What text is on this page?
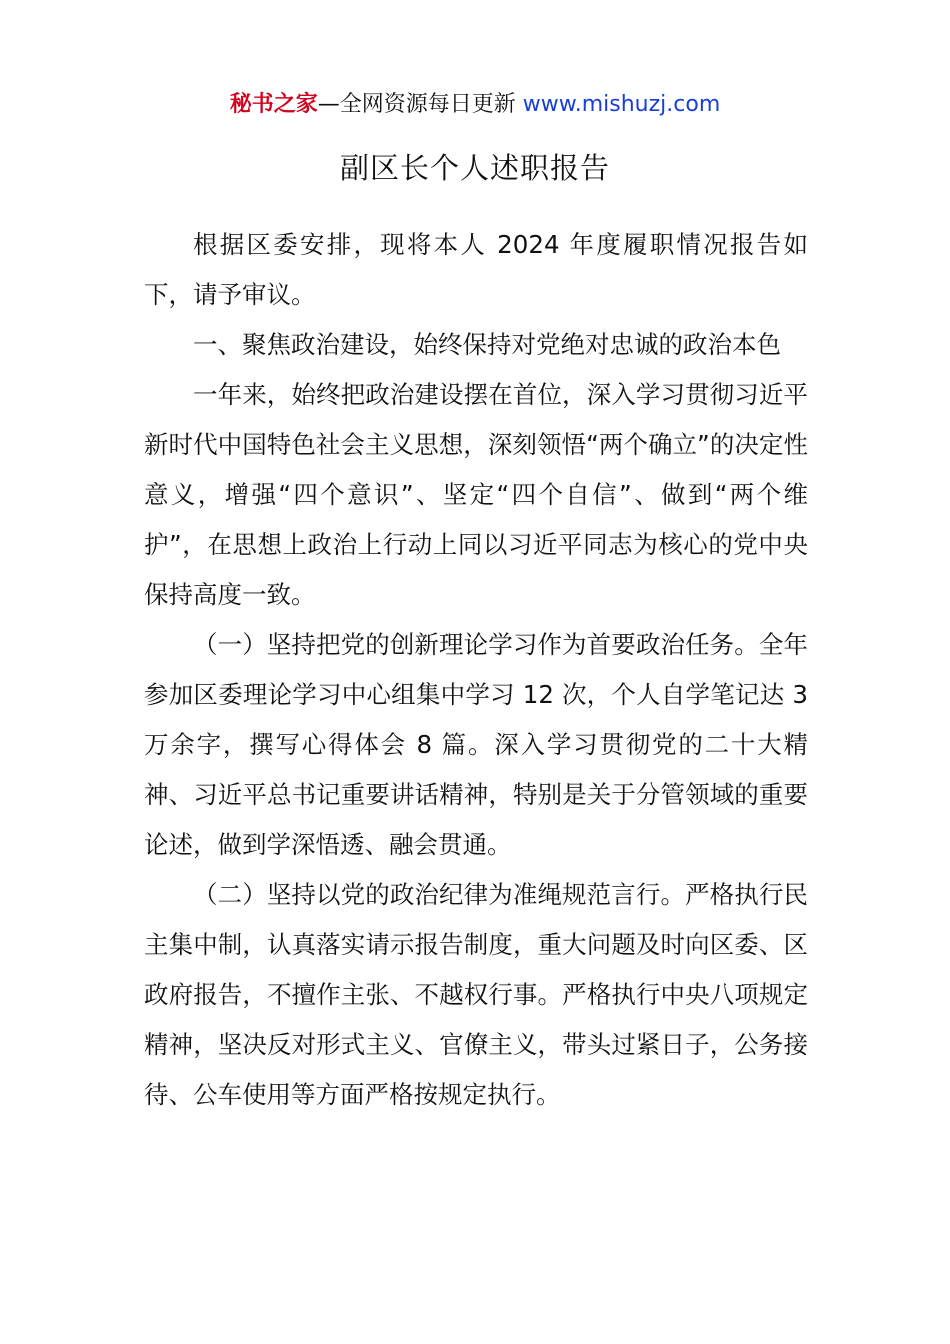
秘书之家—全网资源每日更新 www.mishuzj.com
副区长个人述职报告

根据区委安排，现将本人 2024 年度履职情况报告如下，请予审议。

一、聚焦政治建设，始终保持对党绝对忠诚的政治本色

一年来，始终把政治建设摆在首位，深入学习贯彻习近平新时代中国特色社会主义思想，深刻领悟“两个确立”的决定性意义，增强“四个意识”、坚定“四个自信”、做到“两个维护”，在思想上政治上行动上同以习近平同志为核心的党中央保持高度一致。

（一）坚持把党的创新理论学习作为首要政治任务。全年参加区委理论学习中心组集中学习 12 次，个人自学笔记达 3 万余字，撰写心得体会 8 篇。深入学习贯彻党的二十大精神、习近平总书记重要讲话精神，特别是关于分管领域的重要论述，做到学深悟透、融会贯通。

（二）坚持以党的政治纪律为准绳规范言行。严格执行民主集中制，认真落实请示报告制度，重大问题及时向区委、区政府报告，不擅作主张、不越权行事。严格执行中央八项规定精神，坚决反对形式主义、官僚主义，带头过紧日子，公务接待、公车使用等方面严格按规定执行。
